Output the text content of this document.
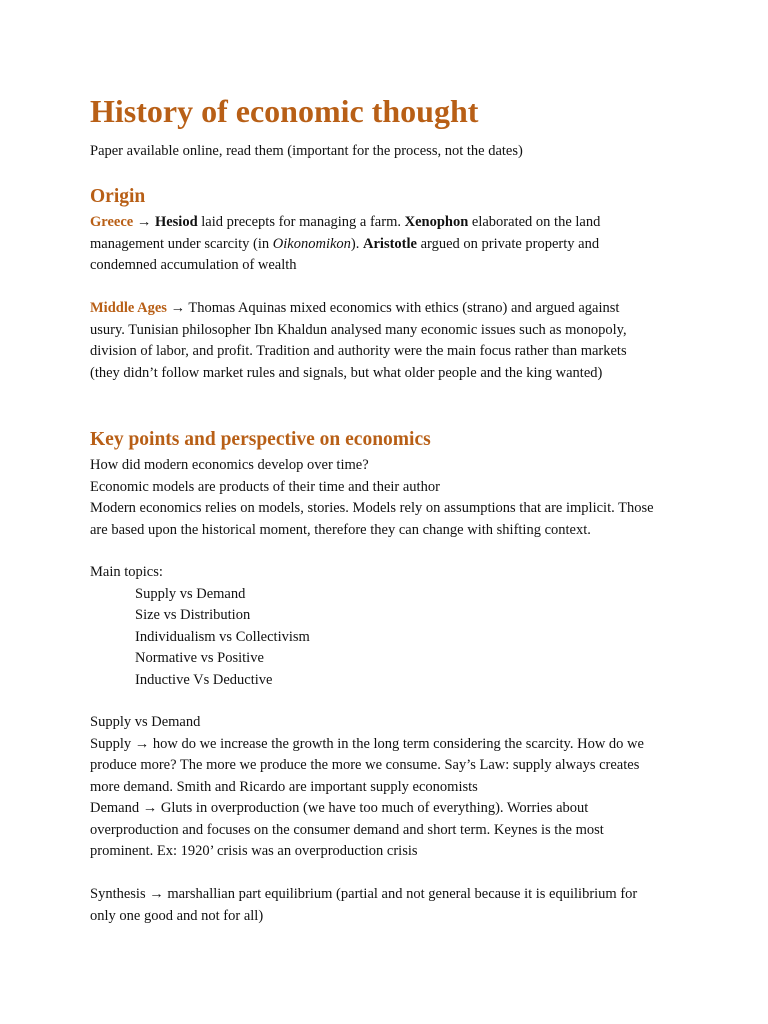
History of economic thought
Paper available online, read them (important for the process, not the dates)
Origin
Greece → Hesiod laid precepts for managing a farm. Xenophon elaborated on the land
management under scarcity (in Oikonomikon). Aristotle argued on private property and
condemned accumulation of wealth
Middle Ages → Thomas Aquinas mixed economics with ethics (strano) and argued against
usury. Tunisian philosopher Ibn Khaldun analysed many economic issues such as monopoly,
division of labor, and profit. Tradition and authority were the main focus rather than markets
(they didn’t follow market rules and signals, but what older people and the king wanted)
Key points and perspective on economics
How did modern economics develop over time?
Economic models are products of their time and their author
Modern economics relies on models, stories. Models rely on assumptions that are implicit. Those
are based upon the historical moment, therefore they can change with shifting context.
Main topics:
Supply vs Demand
Size vs Distribution
Individualism vs Collectivism
Normative vs Positive
Inductive Vs Deductive
Supply vs Demand
Supply → how do we increase the growth in the long term considering the scarcity. How do we
produce more? The more we produce the more we consume. Say’s Law: supply always creates
more demand. Smith and Ricardo are important supply economists
Demand → Gluts in overproduction (we have too much of everything). Worries about
overproduction and focuses on the consumer demand and short term. Keynes is the most
prominent. Ex: 1920’ crisis was an overproduction crisis
Synthesis → marshallian part equilibrium (partial and not general because it is equilibrium for
only one good and not for all)
